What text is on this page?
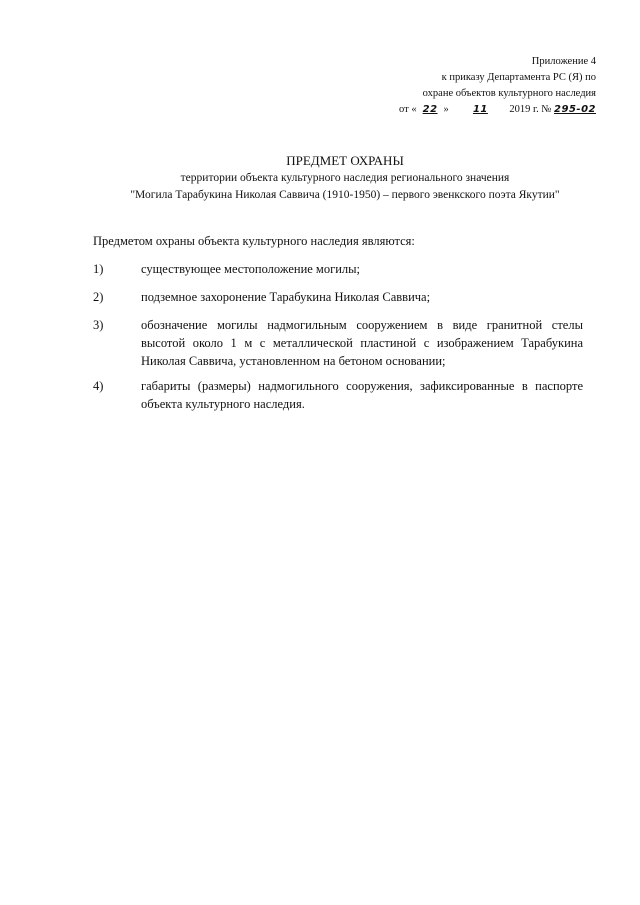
Приложение 4
к приказу Департамента РС (Я) по
охране объектов культурного наследия
от « 22 » 11 2019 г. № 295-02
ПРЕДМЕТ ОХРАНЫ
территории объекта культурного наследия регионального значения
"Могила Тарабукина Николая Саввича (1910-1950) – первого эвенкского поэта Якутии"
Предметом охраны объекта культурного наследия являются:
1)	существующее местоположение могилы;
2)	подземное захоронение Тарабукина Николая Саввича;
3)	обозначение могилы надмогильным сооружением в виде гранитной стелы высотой около 1 м с металлической пластиной с изображением Тарабукина Николая Саввича, установленном на бетоном основании;
4)	габариты (размеры) надмогильного сооружения, зафиксированные в паспорте объекта культурного наследия.
